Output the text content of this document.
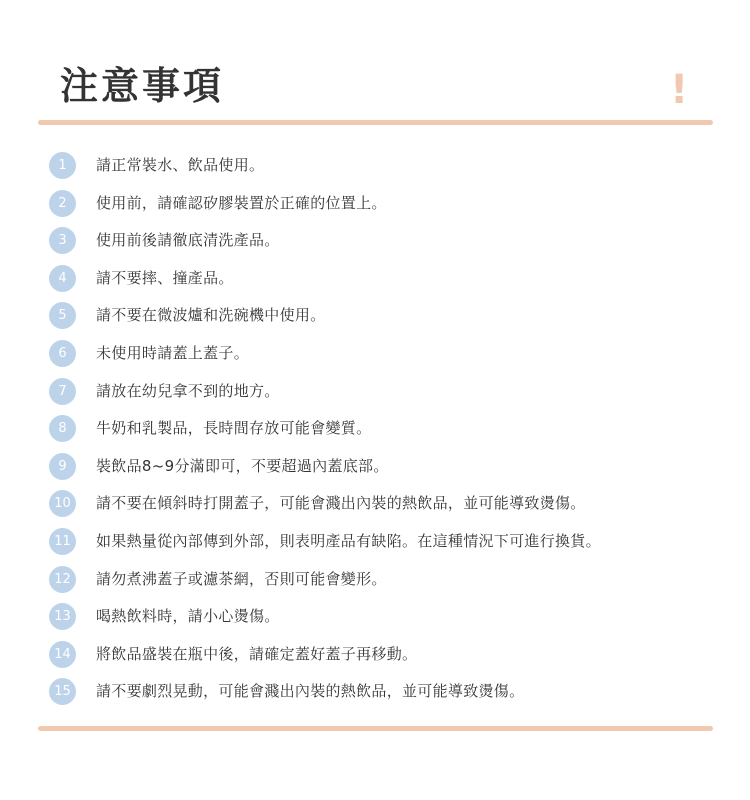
注意事項	!
1	請正常裝水、飲品使用。
2	使用前，請確認矽膠裝置於正確的位置上。
3	使用前後請徹底清洗產品。
4	請不要摔、撞產品。
5	請不要在微波爐和洗碗機中使用。
6	未使用時請蓋上蓋子。
7	請放在幼兒拿不到的地方。
8	牛奶和乳製品，長時間存放可能會變質。
9	裝飲品8~9分滿即可，不要超過內蓋底部。
10	請不要在傾斜時打開蓋子，可能會濺出內裝的熱飲品，並可能導致燙傷。
11	如果熱量從內部傳到外部，則表明產品有缺陷。在這種情況下可進行換貨。
12	請勿煮沸蓋子或濾茶網，否則可能會變形。
13	喝熱飲料時，請小心燙傷。
14	將飲品盛裝在瓶中後，請確定蓋好蓋子再移動。
15	請不要劇烈晃動，可能會濺出內裝的熱飲品，並可能導致燙傷。
